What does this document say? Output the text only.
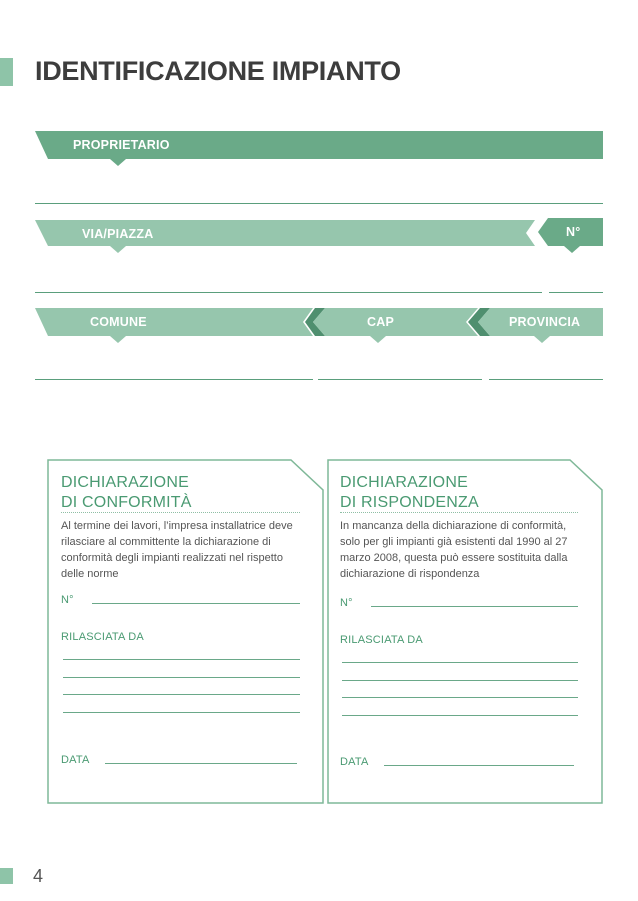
IDENTIFICAZIONE IMPIANTO
PROPRIETARIO
VIA/PIAZZA	N°
COMUNE	CAP	PROVINCIA
DICHIARAZIONE
DI CONFORMITÀ
Al termine dei lavori, l’impresa installatrice deve rilasciare al committente la dichiarazione di conformità degli impianti realizzati nel rispetto delle norme
N°
RILASCIATA DA
DATA
DICHIARAZIONE
DI RISPONDENZA
In mancanza della dichiarazione di conformità, solo per gli impianti già esistenti dal 1990 al 27 marzo 2008, questa può essere sostituita dalla dichiarazione di rispondenza
N°
RILASCIATA DA
DATA
4
